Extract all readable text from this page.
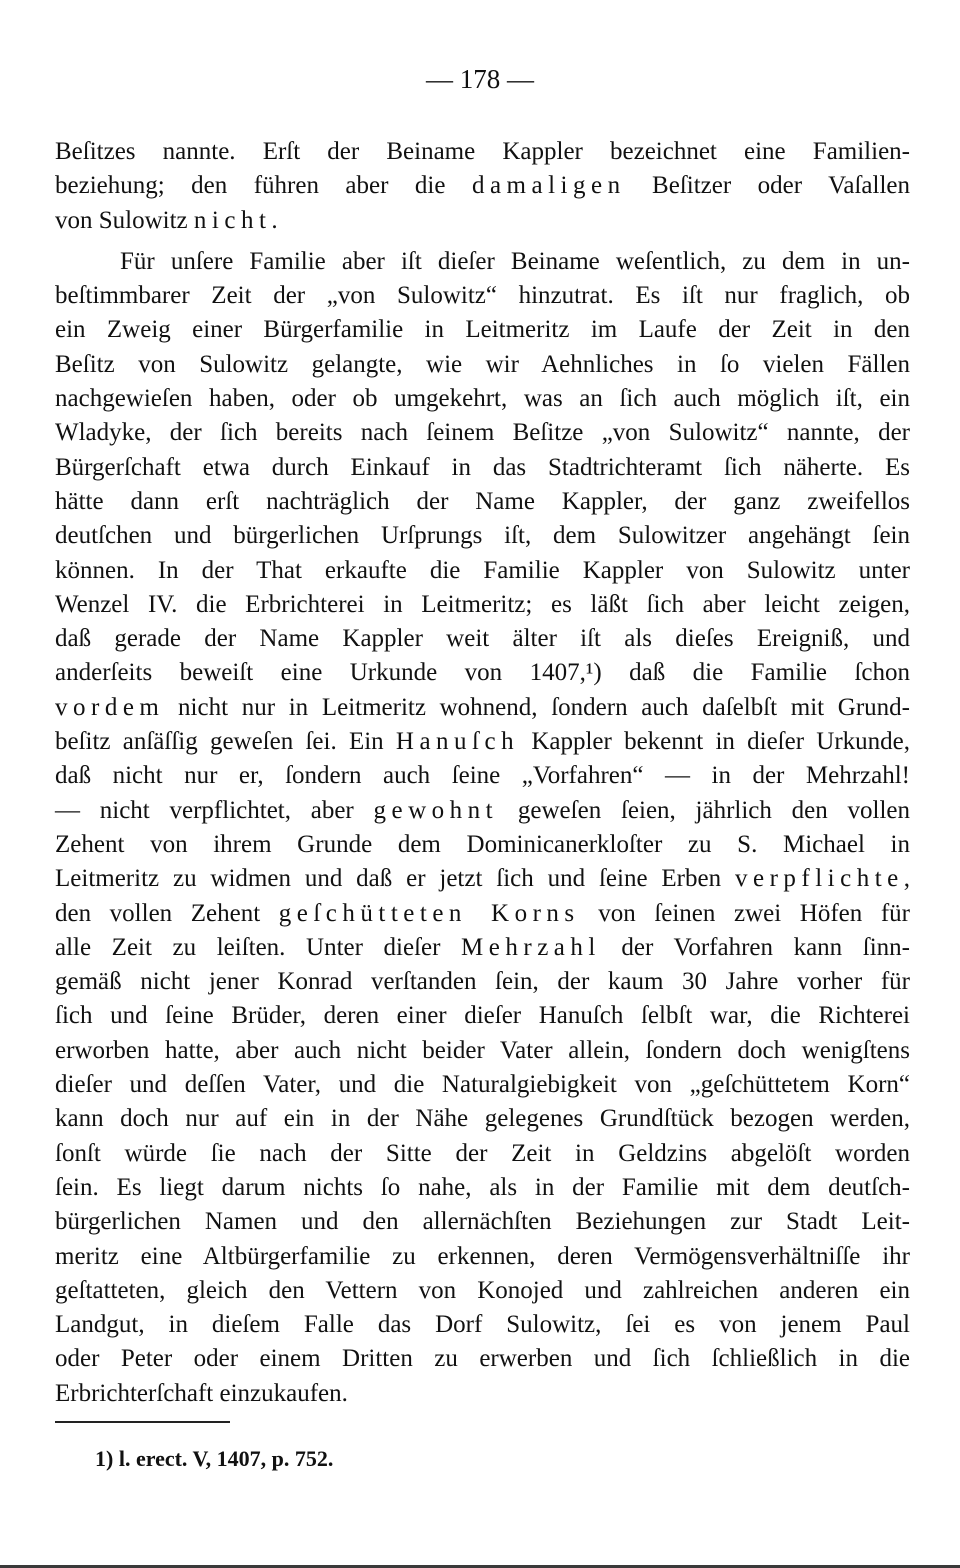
— 178 —
Beſitzes nannte. Erſt der Beiname Kappler bezeichnet eine Familien-
beziehung; den führen aber die damaligen Beſitzer oder Vaſallen
von Sulowitz nicht.
Für unſere Familie aber iſt dieſer Beiname weſentlich, zu dem in un-
beſtimmbarer Zeit der „von Sulowitz“ hinzutrat. Es iſt nur fraglich, ob
ein Zweig einer Bürgerfamilie in Leitmeritz im Laufe der Zeit in den
Beſitz von Sulowitz gelangte, wie wir Aehnliches in ſo vielen Fällen
nachgewieſen haben, oder ob umgekehrt, was an ſich auch möglich iſt, ein
Wladyke, der ſich bereits nach ſeinem Beſitze „von Sulowitz“ nannte, der
Bürgerſchaft etwa durch Einkauf in das Stadtrichteramt ſich näherte. Es
hätte dann erſt nachträglich der Name Kappler, der ganz zweifellos
deutſchen und bürgerlichen Urſprungs iſt, dem Sulowitzer angehängt ſein
können. In der That erkaufte die Familie Kappler von Sulowitz unter
Wenzel IV. die Erbrichterei in Leitmeritz; es läßt ſich aber leicht zeigen,
daß gerade der Name Kappler weit älter iſt als dieſes Ereigniß, und
anderſeits beweiſt eine Urkunde von 1407,¹) daß die Familie ſchon
vordem nicht nur in Leitmeritz wohnend, ſondern auch daſelbſt mit Grund-
beſitz anſäſſig geweſen ſei. Ein Hanuſch Kappler bekennt in dieſer Urkunde,
daß nicht nur er, ſondern auch ſeine „Vorfahren“ — in der Mehrzahl!
— nicht verpflichtet, aber gewohnt geweſen ſeien, jährlich den vollen
Zehent von ihrem Grunde dem Dominicanerkloſter zu S. Michael in
Leitmeritz zu widmen und daß er jetzt ſich und ſeine Erben verpflichte,
den vollen Zehent geſchütteten Korns von ſeinen zwei Höfen für
alle Zeit zu leiſten. Unter dieſer Mehrzahl der Vorfahren kann ſinn-
gemäß nicht jener Konrad verſtanden ſein, der kaum 30 Jahre vorher für
ſich und ſeine Brüder, deren einer dieſer Hanuſch ſelbſt war, die Richterei
erworben hatte, aber auch nicht beider Vater allein, ſondern doch wenigſtens
dieſer und deſſen Vater, und die Naturalgiebigkeit von „geſchüttetem Korn“
kann doch nur auf ein in der Nähe gelegenes Grundſtück bezogen werden,
ſonſt würde ſie nach der Sitte der Zeit in Geldzins abgelöſt worden
ſein. Es liegt darum nichts ſo nahe, als in der Familie mit dem deutſch-
bürgerlichen Namen und den allernächſten Beziehungen zur Stadt Leit-
meritz eine Altbürgerfamilie zu erkennen, deren Vermögensverhältniſſe ihr
geſtatteten, gleich den Vettern von Konojed und zahlreichen anderen ein
Landgut, in dieſem Falle das Dorf Sulowitz, ſei es von jenem Paul
oder Peter oder einem Dritten zu erwerben und ſich ſchließlich in die
Erbrichterſchaft einzukaufen.
1) l. erect. V, 1407, p. 752.
